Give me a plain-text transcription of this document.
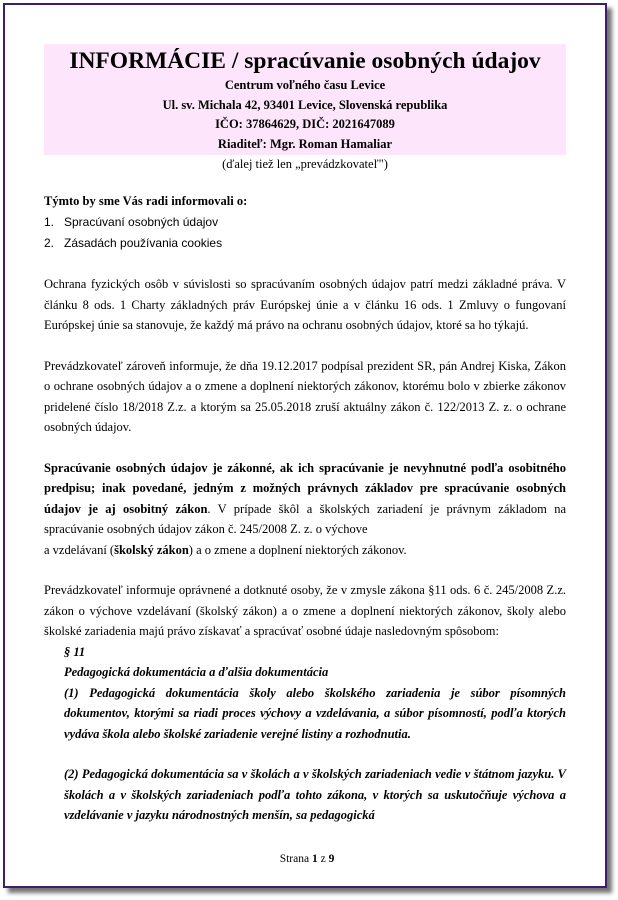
INFORMÁCIE / spracúvanie osobných údajov
Centrum voľného času Levice
Ul. sv. Michala 42, 93401 Levice, Slovenská republika
IČO: 37864629, DIČ: 2021647089
Riaditeľ: Mgr. Roman Hamaliar
(ďalej tiež len „prevádzkovateľ")
Týmto by sme Vás radi informovali o:
1. Spracúvaní osobných údajov
2. Zásadách používania cookies

Ochrana fyzických osôb v súvislosti so spracúvaním osobných údajov patrí medzi základné práva. V článku 8 ods. 1 Charty základných práv Európskej únie a v článku 16 ods. 1 Zmluvy o fungovaní Európskej únie sa stanovuje, že každý má právo na ochranu osobných údajov, ktoré sa ho týkajú.

Prevádzkovateľ zároveň informuje, že dňa 19.12.2017 podpísal prezident SR, pán Andrej Kiska, Zákon o ochrane osobných údajov a o zmene a doplnení niektorých zákonov, ktorému bolo v zbierke zákonov pridelené číslo 18/2018 Z.z. a ktorým sa 25.05.2018 zruší aktuálny zákon č. 122/2013 Z. z. o ochrane osobných údajov.

Spracúvanie osobných údajov je zákonné, ak ich spracúvanie je nevyhnutné podľa osobitného predpisu; inak povedané, jedným z možných právnych základov pre spracúvanie osobných údajov je aj osobitný zákon. V prípade škôl a školských zariadení je právnym základom na spracúvanie osobných údajov zákon č. 245/2008 Z. z. o výchove

a vzdelávaní (školský zákon) a o zmene a doplnení niektorých zákonov.

Prevádzkovateľ informuje oprávnené a dotknuté osoby, že v zmysle zákona §11 ods. 6 č. 245/2008 Z.z. zákon o výchove vzdelávaní (školský zákon) a o zmene a doplnení niektorých zákonov, školy alebo školské zariadenia majú právo získavať a spracúvať osobné údaje nasledovným spôsobom:

§ 11

Pedagogická dokumentácia a ďalšia dokumentácia

(1) Pedagogická dokumentácia školy alebo školského zariadenia je súbor písomných dokumentov, ktorými sa riadi proces výchovy a vzdelávania, a súbor písomností, podľa ktorých vydáva škola alebo školské zariadenie verejné listiny a rozhodnutia.

(2) Pedagogická dokumentácia sa v školách a v školských zariadeniach vedie v štátnom jazyku. V školách a v školských zariadeniach podľa tohto zákona, v ktorých sa uskutočňuje výchova a vzdelávanie v jazyku národnostných menšín, sa pedagogická

Strana 1 z 9
